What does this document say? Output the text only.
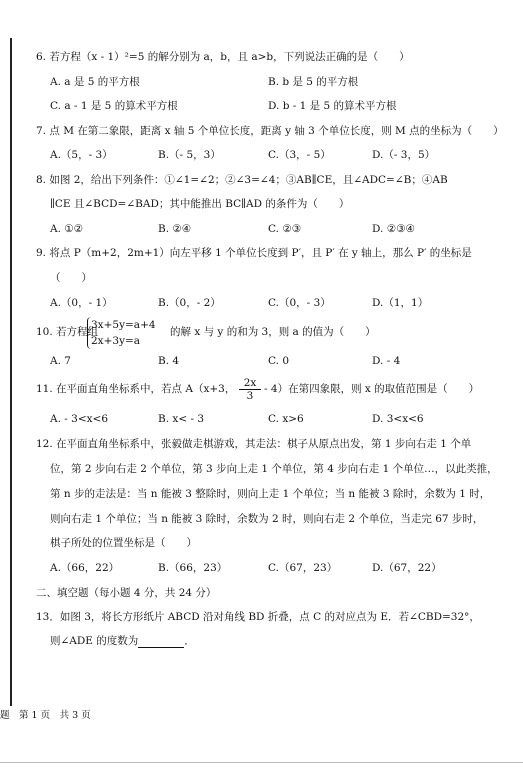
6. 若方程（x - 1）²=5 的解分别为 a，b，且 a>b，下列说法正确的是（　　）
A. a 是 5 的平方根	B. b 是 5 的平方根
C. a - 1 是 5 的算术平方根	D. b - 1 是 5 的算术平方根
7. 点 M 在第二象限，距离 x 轴 5 个单位长度，距离 y 轴 3 个单位长度，则 M 点的坐标为（　　）
A.（5，- 3）	B.（- 5，3）	C.（3，- 5）	D.（- 3，5）
8. 如图 2，给出下列条件：①∠1=∠2；②∠3=∠4；③AB∥CE，且∠ADC=∠B；④AB
∥CE 且∠BCD=∠BAD；其中能推出 BC∥AD 的条件为（　　）
A. ①②	B. ②④	C. ②③	D. ②③④
9. 将点 P（m+2，2m+1）向左平移 1 个单位长度到 P′，且 P′ 在 y 轴上，那么 P′ 的坐标是
（　　）
A.（0，- 1）	B.（0，- 2）	C.（0，- 3）	D.（1，1）
10. 若方程组
3x+5y=a+4
2x+3y=a
的解 x 与 y 的和为 3，则 a 的值为（　　）
A. 7	B. 4	C. 0	D. - 4
11. 在平面直角坐标系中，若点 A（x+3， $\frac{2x}{3} - 4$）在第四象限，则 x 的取值范围是（　　）
A. - 3<x<6	B. x< - 3	C. x>6	D. 3<x<6
12. 在平面直角坐标系中，张毅做走棋游戏，其走法：棋子从原点出发，第 1 步向右走 1 个单
位，第 2 步向右走 2 个单位，第 3 步向上走 1 个单位，第 4 步向右走 1 个单位…，以此类推，
第 n 步的走法是：当 n 能被 3 整除时，则向上走 1 个单位；当 n 能被 3 除时，余数为 1 时，
则向右走 1 个单位；当 n 能被 3 除时，余数为 2 时，则向右走 2 个单位，当走完 67 步时，
棋子所处的位置坐标是（　　）
A.（66，22）	B.（66，23）	C.（67，23）	D.（67，22）
二、填空题（每小题 4 分，共 24 分）
13．如图 3，将长方形纸片 ABCD 沿对角线 BD 折叠，点 C 的对应点为 E．若∠CBD=32°，
则∠ADE 的度数为	．
题　第 1 页　共 3 页
